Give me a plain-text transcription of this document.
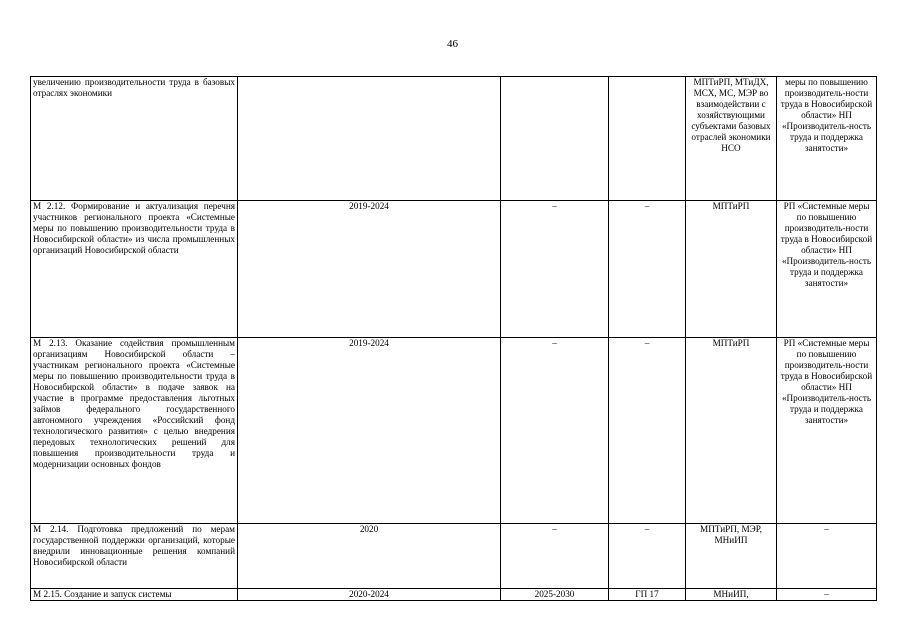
46
увеличению производительности труда в базовых отраслях экономики				МПТиРП, МТиДХ, МСХ, МС, МЭР во взаимодействии с хозяйствующими субъектами базовых отраслей экономики НСО	меры по повышению производитель-ности труда в Новосибирской области» НП «Производитель-ность труда и поддержка занятости»
М 2.12. Формирование и актуализация перечня участников регионального проекта «Системные меры по повышению производительности труда в Новосибирской области» из числа промышленных организаций Новосибирской области	2019-2024	–	–	МПТиРП	РП «Системные меры по повышению производитель-ности труда в Новосибирской области» НП «Производитель-ность труда и поддержка занятости»
М 2.13. Оказание содействия промышленным организациям Новосибирской области – участникам регионального проекта «Системные меры по повышению производительности труда в Новосибирской области» в подаче заявок на участие в программе предоставления льготных займов федерального государственного автономного учреждения «Российский фонд технологического развития» с целью внедрения передовых технологических решений для повышения производительности труда и модернизации основных фондов	2019-2024	–	–	МПТиРП	РП «Системные меры по повышению производитель-ности труда в Новосибирской области» НП «Производитель-ность труда и поддержка занятости»
М 2.14. Подготовка предложений по мерам государственной поддержки организаций, которые внедрили инновационные решения компаний Новосибирской области	2020	–	–	МПТиРП, МЭР, МНиИП	–
М 2.15. Создание и запуск системы	2020-2024	2025-2030	ГП 17	МНиИП,	–
